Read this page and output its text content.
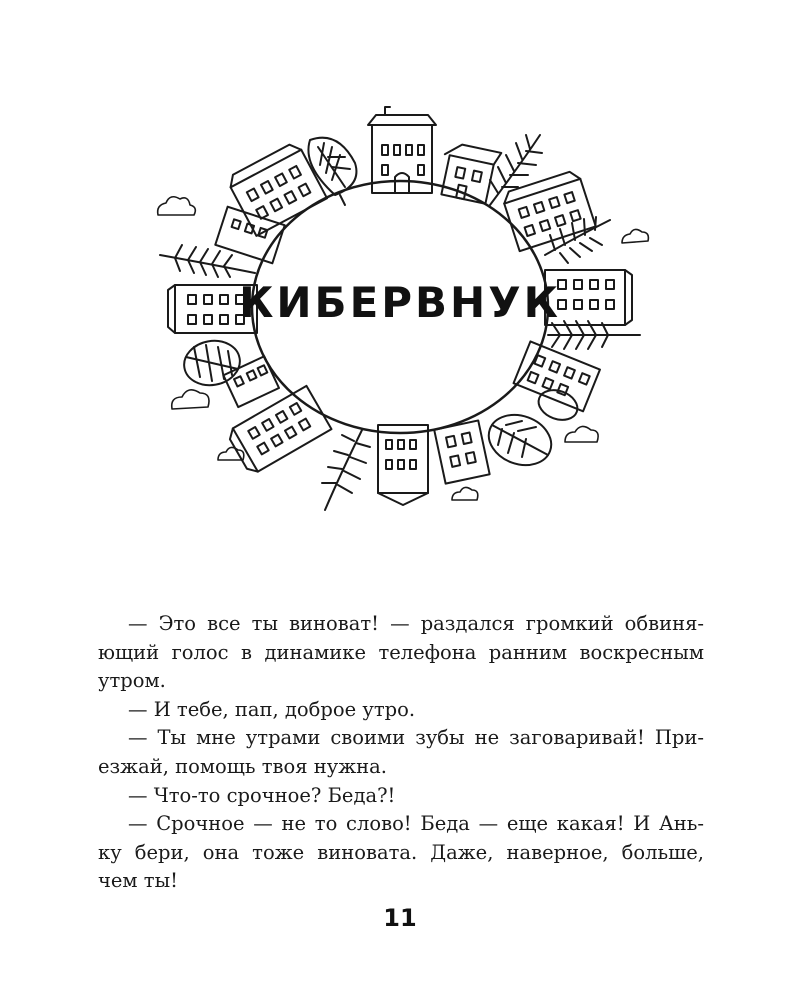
КИБЕРВНУК

— Это все ты виноват! — раздался громкий обвиня-

ющий голос в динамике телефона ранним воскресным
утром.

— И тебе, пап, доброе утро.

— Ты мне утрами своими зубы не заговаривай! При-

езжай, помощь твоя нужна.

— Что-то срочное? Беда?!

— Срочное — не то слово! Беда — еще какая! И Ань-

ку бери, она тоже виновата. Даже, наверное, больше,
чем ты!

11
